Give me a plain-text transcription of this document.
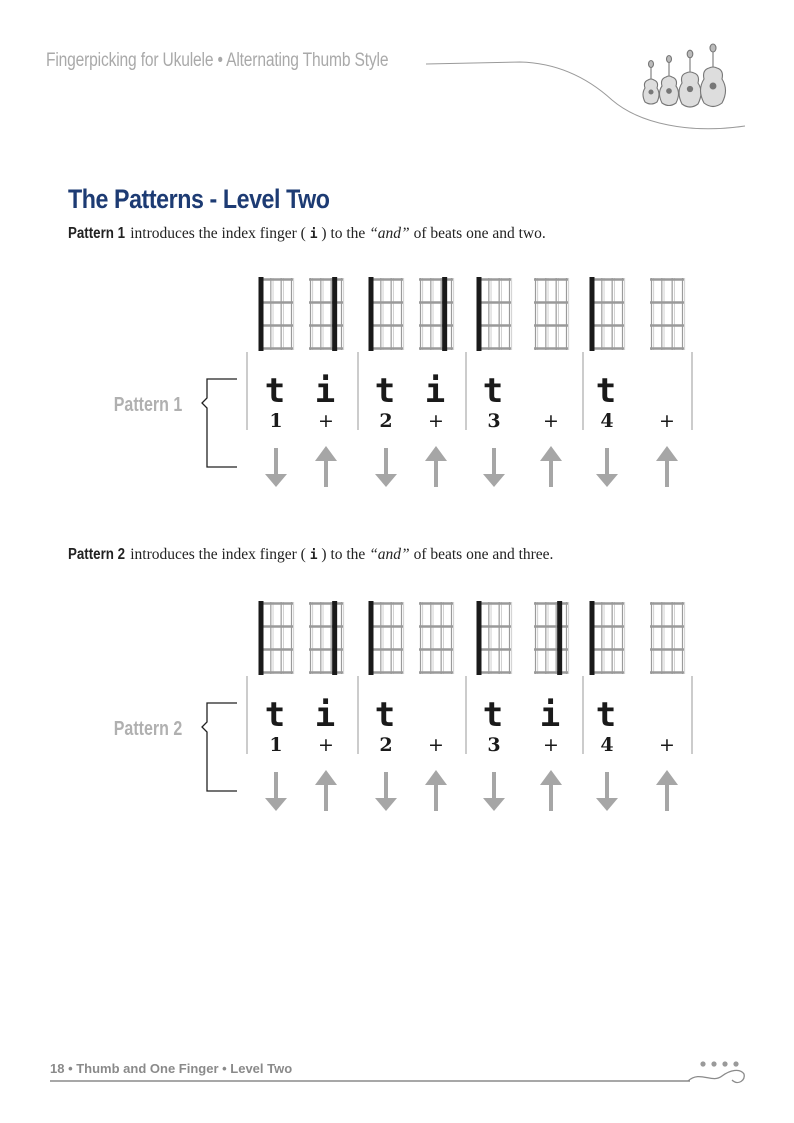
Fingerpicking for Ukulele • Alternating Thumb Style
The Patterns - Level Two
Pattern 1 introduces the index finger ( i ) to the “and” of beats one and two.
Pattern 1 t
1
i
+
t
2
i
+
t
3 +
t
4 +
Pattern 2 introduces the index finger ( i ) to the “and” of beats one and three.
Pattern 2 t
1
i
+
t
2 +
t
3
i
+
t
4 +
18 • Thumb and One Finger • Level Two
